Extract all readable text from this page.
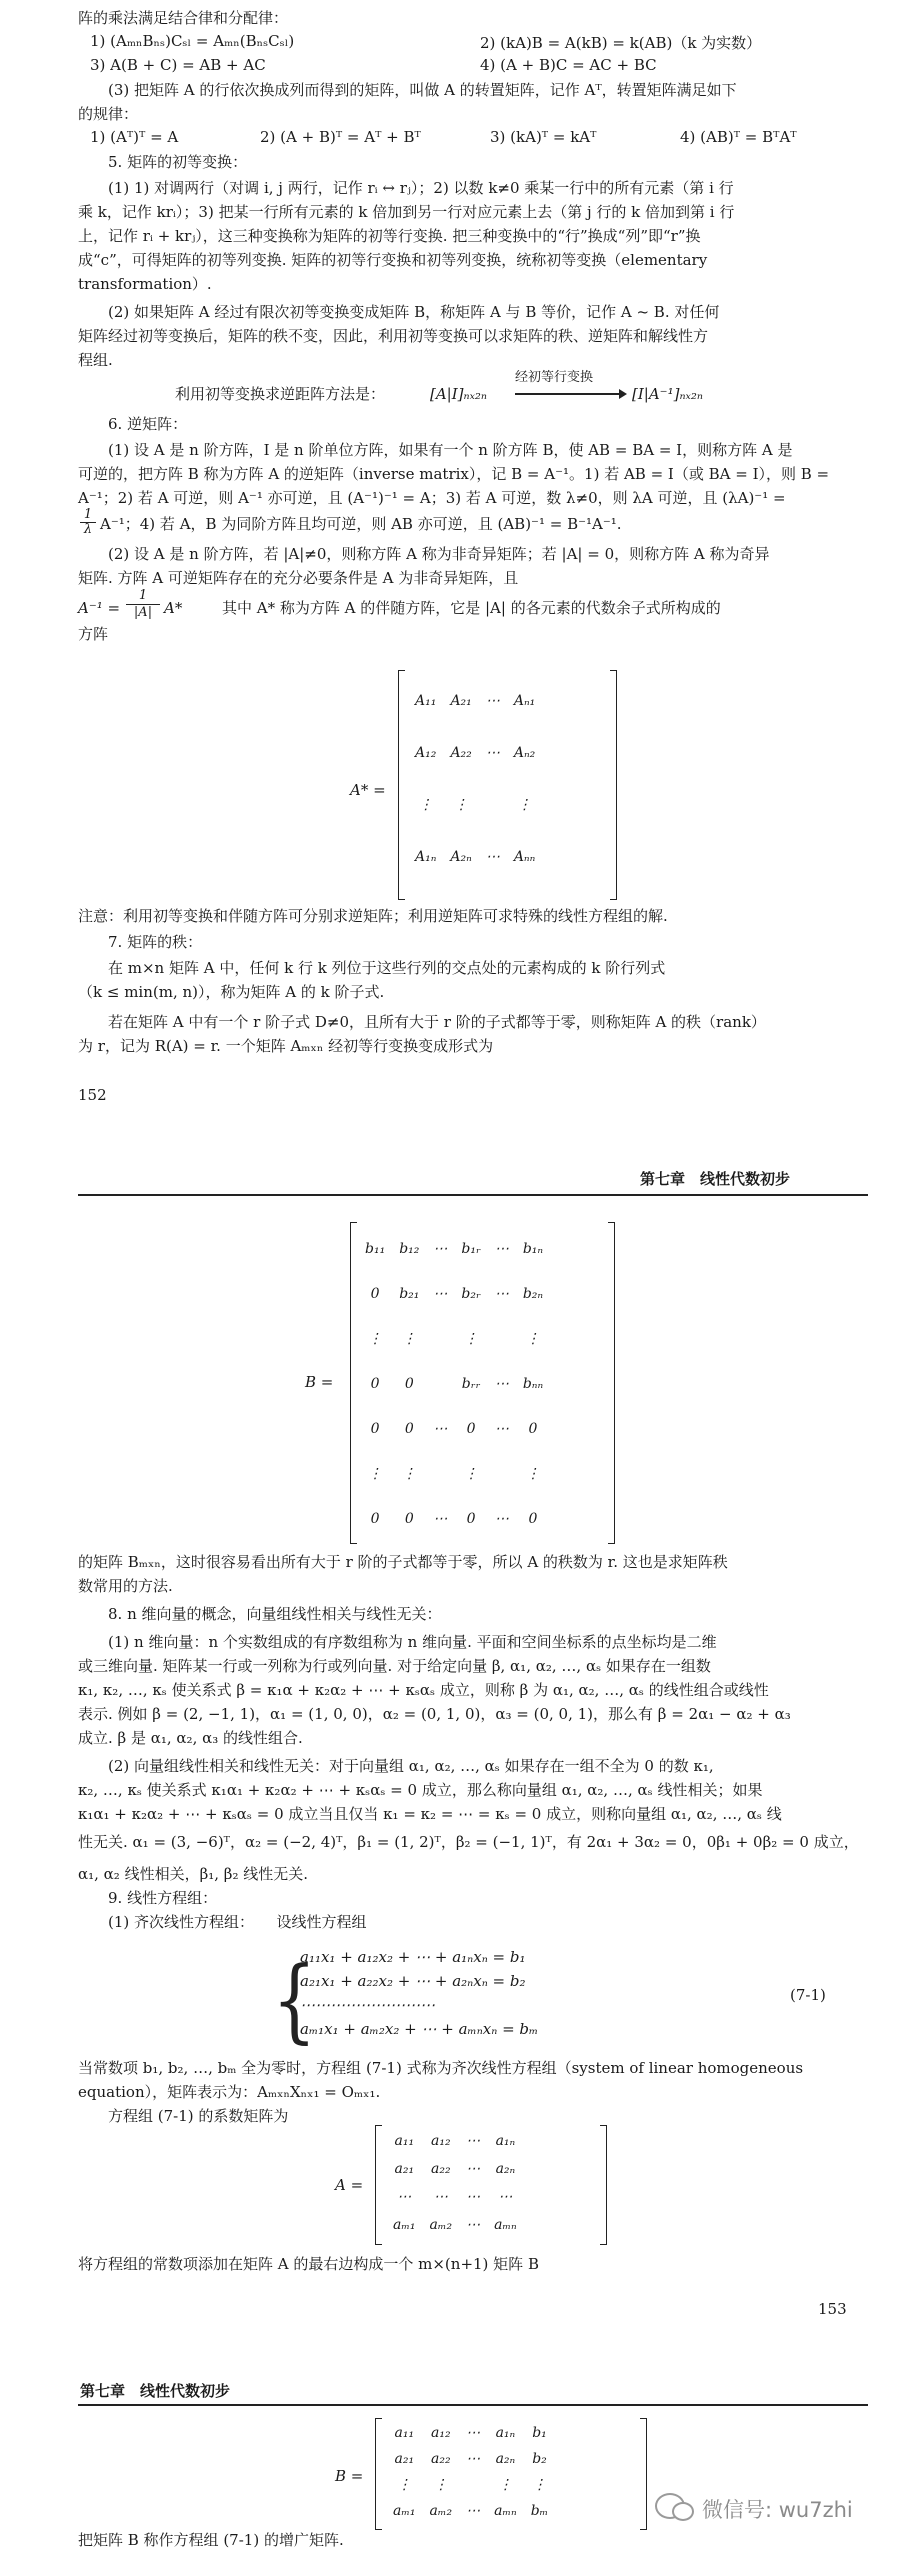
阵的乘法满足结合律和分配律：
1) (AₘₙBₙₛ)Cₛₗ = Aₘₙ(BₙₛCₛₗ)	2) (kA)B = A(kB) = k(AB)（k 为实数）
3) A(B + C) = AB + AC	4) (A + B)C = AC + BC
(3) 把矩阵 A 的行依次换成列而得到的矩阵，叫做 A 的转置矩阵，记作 Aᵀ，转置矩阵满足如下
的规律：
1) (Aᵀ)ᵀ = A	2) (A + B)ᵀ = Aᵀ + Bᵀ	3) (kA)ᵀ = kAᵀ	4) (AB)ᵀ = BᵀAᵀ
5. 矩阵的初等变换：
(1) 1) 对调两行（对调 i, j 两行，记作 rᵢ ↔ rⱼ）；2) 以数 k≠0 乘某一行中的所有元素（第 i 行
乘 k，记作 krᵢ）；3) 把某一行所有元素的 k 倍加到另一行对应元素上去（第 j 行的 k 倍加到第 i 行
上，记作 rᵢ + krⱼ），这三种变换称为矩阵的初等行变换. 把三种变换中的“行”换成“列”即“r”换
成“c”，可得矩阵的初等列变换. 矩阵的初等行变换和初等列变换，统称初等变换（elementary
transformation）.
(2) 如果矩阵 A 经过有限次初等变换变成矩阵 B，称矩阵 A 与 B 等价，记作 A ~ B. 对任何
矩阵经过初等变换后，矩阵的秩不变，因此，利用初等变换可以求矩阵的秩、逆矩阵和解线性方
程组.
利用初等变换求逆距阵方法是：	[A|I]ₙₓ₂ₙ
经初等行变换
[I|A⁻¹]ₙₓ₂ₙ
6. 逆矩阵：
(1) 设 A 是 n 阶方阵，I 是 n 阶单位方阵，如果有一个 n 阶方阵 B，使 AB = BA = I，则称方阵 A 是
可逆的，把方阵 B 称为方阵 A 的逆矩阵（inverse matrix），记 B = A⁻¹。1) 若 AB = I（或 BA = I），则 B =
A⁻¹；2) 若 A 可逆，则 A⁻¹ 亦可逆，且 (A⁻¹)⁻¹ = A；3) 若 A 可逆，数 λ≠0，则 λA 可逆，且 (λA)⁻¹ =
1
λ A⁻¹；4) 若 A，B 为同阶方阵且均可逆，则 AB 亦可逆，且 (AB)⁻¹ = B⁻¹A⁻¹.
(2) 设 A 是 n 阶方阵，若 |A|≠0，则称方阵 A 称为非奇异矩阵；若 |A| = 0，则称方阵 A 称为奇异
矩阵. 方阵 A 可逆矩阵存在的充分必要条件是 A 为非奇异矩阵，且
A⁻¹ =
1
|A| A*	其中 A* 称为方阵 A 的伴随方阵，它是 |A| 的各元素的代数余子式所构成的
方阵
A* =
A₁₁	A₂₁	⋯	Aₙ₁
A₁₂	A₂₂	⋯	Aₙ₂
⋮	⋮		⋮
A₁ₙ	A₂ₙ	⋯	Aₙₙ
注意：利用初等变换和伴随方阵可分别求逆矩阵；利用逆矩阵可求特殊的线性方程组的解.
7. 矩阵的秩：
在 m×n 矩阵 A 中，任何 k 行 k 列位于这些行列的交点处的元素构成的 k 阶行列式
（k ≤ min(m, n)），称为矩阵 A 的 k 阶子式.
若在矩阵 A 中有一个 r 阶子式 D≠0，且所有大于 r 阶的子式都等于零，则称矩阵 A 的秩（rank）
为 r，记为 R(A) = r. 一个矩阵 Aₘₓₙ 经初等行变换变成形式为
152
第七章　线性代数初步
B =
b₁₁	b₁₂	⋯	b₁ᵣ	⋯	b₁ₙ
0	b₂₁	⋯	b₂ᵣ	⋯	b₂ₙ
⋮	⋮		⋮		⋮
0	0		bᵣᵣ	⋯	bₙₙ
0	0	⋯	0	⋯	0
⋮	⋮		⋮		⋮
0	0	⋯	0	⋯	0
的矩阵 Bₘₓₙ，这时很容易看出所有大于 r 阶的子式都等于零，所以 A 的秩数为 r. 这也是求矩阵秩
数常用的方法.
8. n 维向量的概念，向量组线性相关与线性无关：
(1) n 维向量：n 个实数组成的有序数组称为 n 维向量. 平面和空间坐标系的点坐标均是二维
或三维向量. 矩阵某一行或一列称为行或列向量. 对于给定向量 β, α₁, α₂, …, αₛ 如果存在一组数
κ₁, κ₂, …, κₛ 使关系式 β = κ₁α + κ₂α₂ + ⋯ + κₛαₛ 成立，则称 β 为 α₁, α₂, …, αₛ 的线性组合或线性
表示. 例如 β = (2, −1, 1)，α₁ = (1, 0, 0)，α₂ = (0, 1, 0)，α₃ = (0, 0, 1)，那么有 β = 2α₁ − α₂ + α₃
成立. β 是 α₁, α₂, α₃ 的线性组合.
(2) 向量组线性相关和线性无关：对于向量组 α₁, α₂, …, αₛ 如果存在一组不全为 0 的数 κ₁,
κ₂, …, κₛ 使关系式 κ₁α₁ + κ₂α₂ + ⋯ + κₛαₛ = 0 成立，那么称向量组 α₁, α₂, …, αₛ 线性相关；如果
κ₁α₁ + κ₂α₂ + ⋯ + κₛαₛ = 0 成立当且仅当 κ₁ = κ₂ = ⋯ = κₛ = 0 成立，则称向量组 α₁, α₂, …, αₛ 线
性无关. α₁ = (3, −6)ᵀ，α₂ = (−2, 4)ᵀ，β₁ = (1, 2)ᵀ，β₂ = (−1, 1)ᵀ，有 2α₁ + 3α₂ = 0，0β₁ + 0β₂ = 0 成立，
α₁, α₂ 线性相关，β₁, β₂ 线性无关.
9. 线性方程组：
(1) 齐次线性方程组：　　设线性方程组
{
a₁₁x₁ + a₁₂x₂ + ⋯ + a₁ₙxₙ = b₁
a₂₁x₁ + a₂₂x₂ + ⋯ + a₂ₙxₙ = b₂
⋯⋯⋯⋯⋯⋯⋯⋯⋯
aₘ₁x₁ + aₘ₂x₂ + ⋯ + aₘₙxₙ = bₘ
(7-1)
当常数项 b₁, b₂, …, bₘ 全为零时，方程组 (7-1) 式称为齐次线性方程组（system of linear homogeneous
equation），矩阵表示为：AₘₓₙXₙₓ₁ = Oₘₓ₁.
方程组 (7-1) 的系数矩阵为
A =
a₁₁	a₁₂	⋯	a₁ₙ
a₂₁	a₂₂	⋯	a₂ₙ
⋯	⋯	⋯	⋯
aₘ₁	aₘ₂	⋯	aₘₙ
将方程组的常数项添加在矩阵 A 的最右边构成一个 m×(n+1) 矩阵 B
153
第七章　线性代数初步
B =
a₁₁	a₁₂	⋯	a₁ₙ	b₁
a₂₁	a₂₂	⋯	a₂ₙ	b₂
⋮	⋮		⋮	⋮
aₘ₁	aₘ₂	⋯	aₘₙ	bₘ
把矩阵 B 称作方程组 (7-1) 的增广矩阵.
微信号: wu7zhi
